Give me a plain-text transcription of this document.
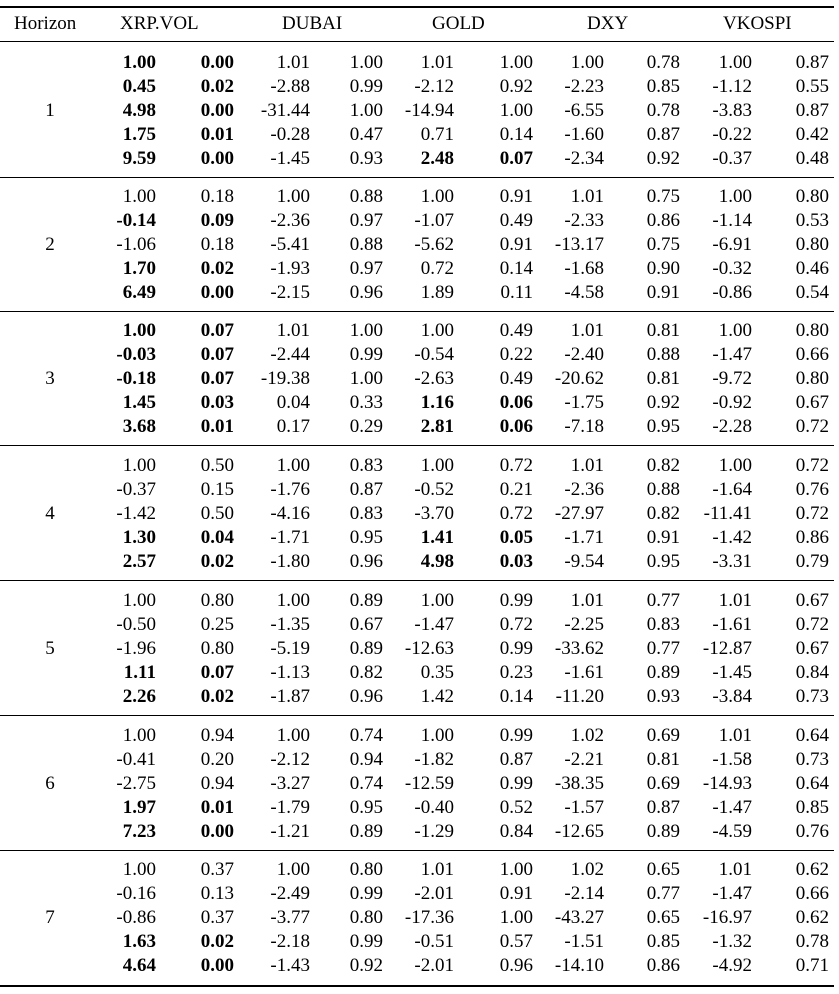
Horizon XRP.VOL	DUBAI	GOLD	DXY	VKOSPI
1
1.00 0.00 1.01 1.00 1.01 1.00 1.00 0.78 1.00 0.87
0.45 0.02 -2.88 0.99 -2.12 0.92 -2.23 0.85 -1.12 0.55
4.98 0.00 -31.44 1.00 -14.94 1.00 -6.55 0.78 -3.83 0.87
1.75 0.01 -0.28 0.47 0.71 0.14 -1.60 0.87 -0.22 0.42
9.59 0.00 -1.45 0.93 2.48 0.07 -2.34 0.92 -0.37 0.48
2
1.00 0.18 1.00 0.88 1.00 0.91 1.01 0.75 1.00 0.80
-0.14 0.09 -2.36 0.97 -1.07 0.49 -2.33 0.86 -1.14 0.53
-1.06 0.18 -5.41 0.88 -5.62 0.91 -13.17 0.75 -6.91 0.80
1.70 0.02 -1.93 0.97 0.72 0.14 -1.68 0.90 -0.32 0.46
6.49 0.00 -2.15 0.96 1.89 0.11 -4.58 0.91 -0.86 0.54
3
1.00 0.07 1.01 1.00 1.00 0.49 1.01 0.81 1.00 0.80
-0.03 0.07 -2.44 0.99 -0.54 0.22 -2.40 0.88 -1.47 0.66
-0.18 0.07 -19.38 1.00 -2.63 0.49 -20.62 0.81 -9.72 0.80
1.45 0.03 0.04 0.33 1.16 0.06 -1.75 0.92 -0.92 0.67
3.68 0.01 0.17 0.29 2.81 0.06 -7.18 0.95 -2.28 0.72
4
1.00 0.50 1.00 0.83 1.00 0.72 1.01 0.82 1.00 0.72
-0.37 0.15 -1.76 0.87 -0.52 0.21 -2.36 0.88 -1.64 0.76
-1.42 0.50 -4.16 0.83 -3.70 0.72 -27.97 0.82 -11.41 0.72
1.30 0.04 -1.71 0.95 1.41 0.05 -1.71 0.91 -1.42 0.86
2.57 0.02 -1.80 0.96 4.98 0.03 -9.54 0.95 -3.31 0.79
5
1.00 0.80 1.00 0.89 1.00 0.99 1.01 0.77 1.01 0.67
-0.50 0.25 -1.35 0.67 -1.47 0.72 -2.25 0.83 -1.61 0.72
-1.96 0.80 -5.19 0.89 -12.63 0.99 -33.62 0.77 -12.87 0.67
1.11 0.07 -1.13 0.82 0.35 0.23 -1.61 0.89 -1.45 0.84
2.26 0.02 -1.87 0.96 1.42 0.14 -11.20 0.93 -3.84 0.73
6
1.00 0.94 1.00 0.74 1.00 0.99 1.02 0.69 1.01 0.64
-0.41 0.20 -2.12 0.94 -1.82 0.87 -2.21 0.81 -1.58 0.73
-2.75 0.94 -3.27 0.74 -12.59 0.99 -38.35 0.69 -14.93 0.64
1.97 0.01 -1.79 0.95 -0.40 0.52 -1.57 0.87 -1.47 0.85
7.23 0.00 -1.21 0.89 -1.29 0.84 -12.65 0.89 -4.59 0.76
7
1.00 0.37 1.00 0.80 1.01 1.00 1.02 0.65 1.01 0.62
-0.16 0.13 -2.49 0.99 -2.01 0.91 -2.14 0.77 -1.47 0.66
-0.86 0.37 -3.77 0.80 -17.36 1.00 -43.27 0.65 -16.97 0.62
1.63 0.02 -2.18 0.99 -0.51 0.57 -1.51 0.85 -1.32 0.78
4.64 0.00 -1.43 0.92 -2.01 0.96 -14.10 0.86 -4.92 0.71
